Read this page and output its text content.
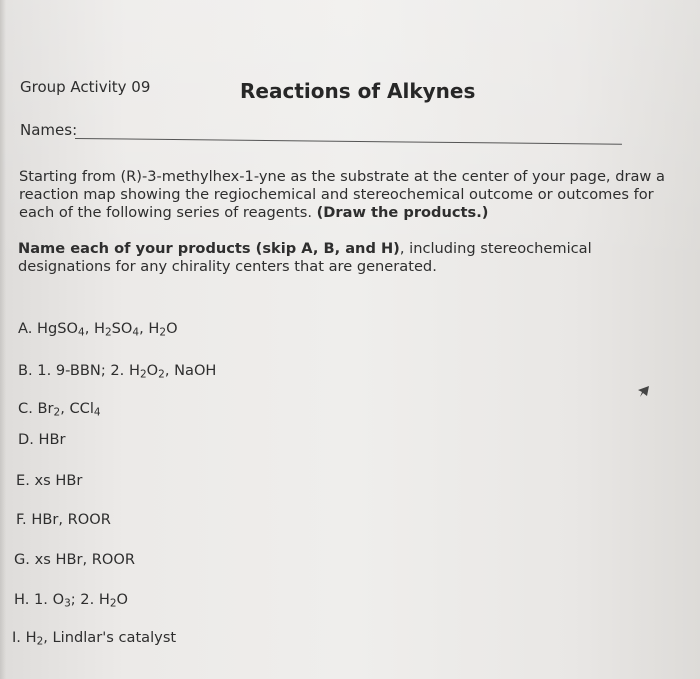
Group Activity 09	Reactions of Alkynes
Names:
Starting from (R)-3-methylhex-1-yne as the substrate at the center of your page, draw a reaction map showing the regiochemical and stereochemical outcome or outcomes for each of the following series of reagents. (Draw the products.)
Name each of your products (skip A, B, and H), including stereochemical designations for any chirality centers that are generated.
A. HgSO$_4$, $H_2SO_4$, $H_2O$
B. 1. 9-BBN; 2. $H_2O_2$, NaOH
C. $Br_2$, CCl$_4$
D. HBr
E. xs HBr
F. HBr, ROOR
G. xs HBr, ROOR
H. 1. $O_3$; 2. $H_2O$
I. $H_2$, Lindlar's catalyst
